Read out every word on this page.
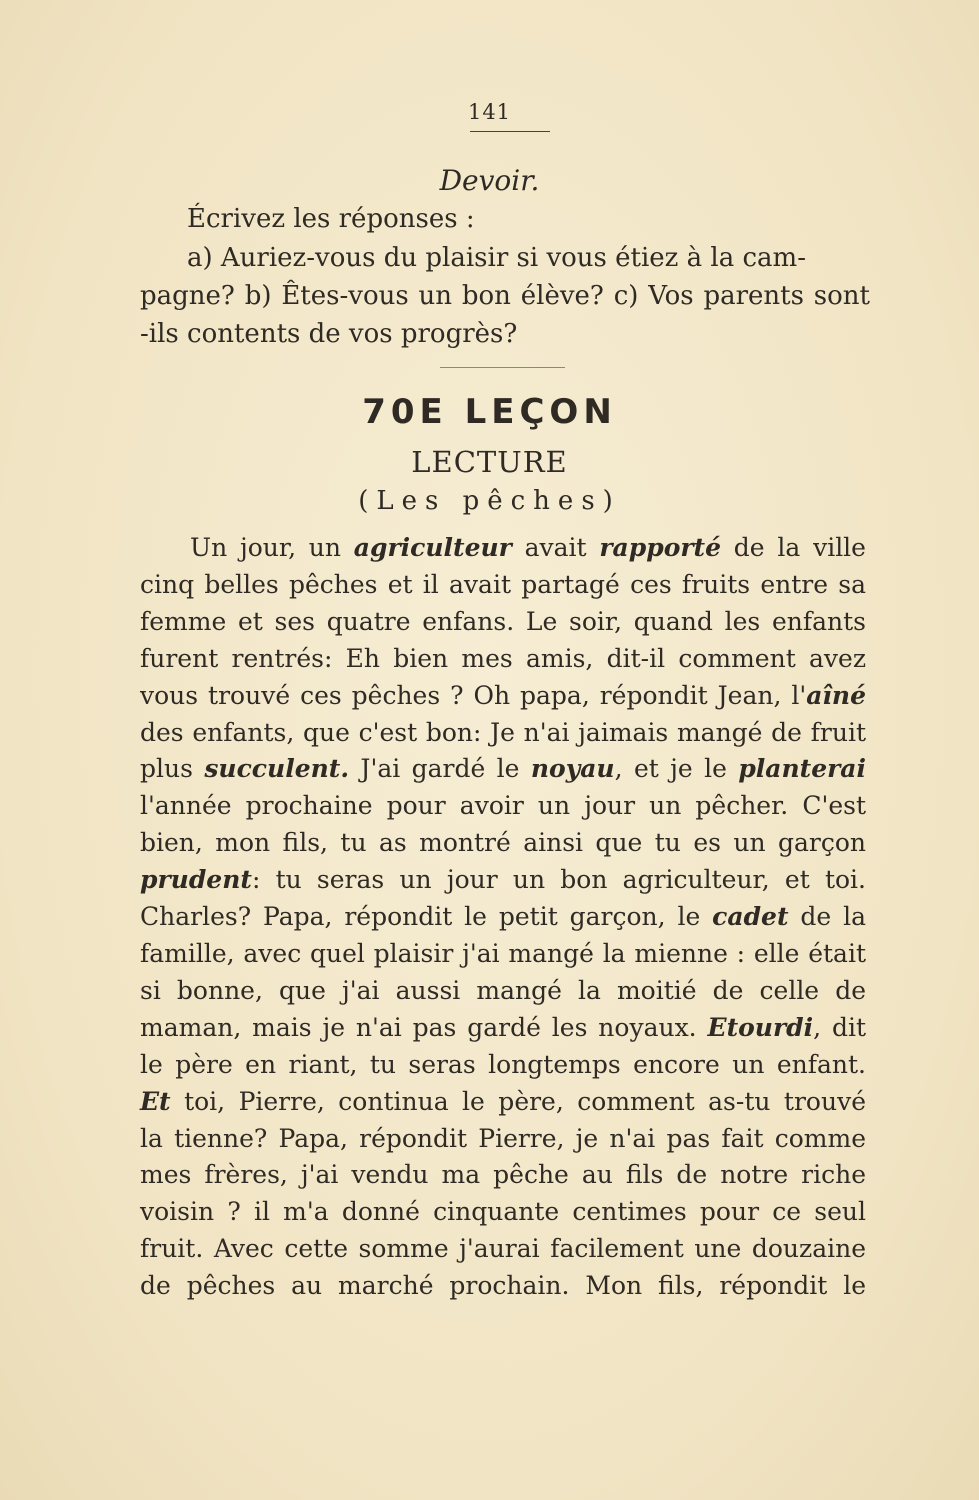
141
Devoir.
Écrivez les réponses :
a) Auriez-vous du plaisir si vous étiez à la cam-
pagne? b) Êtes-vous un bon élève? c) Vos parents sont
-ils contents de vos progrès?
70E LEÇON
LECTURE
(Les pêches)
Un jour, un agriculteur avait rapporté de la ville
cinq belles pêches et il avait partagé ces fruits entre sa
femme et ses quatre enfans. Le soir, quand les enfants
furent rentrés: Eh bien mes amis, dit-il comment avez
vous trouvé ces pêches ? Oh papa, répondit Jean, l'aîné
des enfants, que c'est bon: Je n'ai jaimais mangé de fruit
plus succulent. J'ai gardé le noyau, et je le planterai
l'année prochaine pour avoir un jour un pêcher. C'est
bien, mon fils, tu as montré ainsi que tu es un garçon
prudent: tu seras un jour un bon agriculteur, et toi.
Charles? Papa, répondit le petit garçon, le cadet de la
famille, avec quel plaisir j'ai mangé la mienne : elle était
si bonne, que j'ai aussi mangé la moitié de celle de
maman, mais je n'ai pas gardé les noyaux. Etourdi, dit
le père en riant, tu seras longtemps encore un enfant.
Et toi, Pierre, continua le père, comment as-tu trouvé
la tienne? Papa, répondit Pierre, je n'ai pas fait comme
mes frères, j'ai vendu ma pêche au fils de notre riche
voisin ? il m'a donné cinquante centimes pour ce seul
fruit. Avec cette somme j'aurai facilement une douzaine
de pêches au marché prochain. Mon fils, répondit le
